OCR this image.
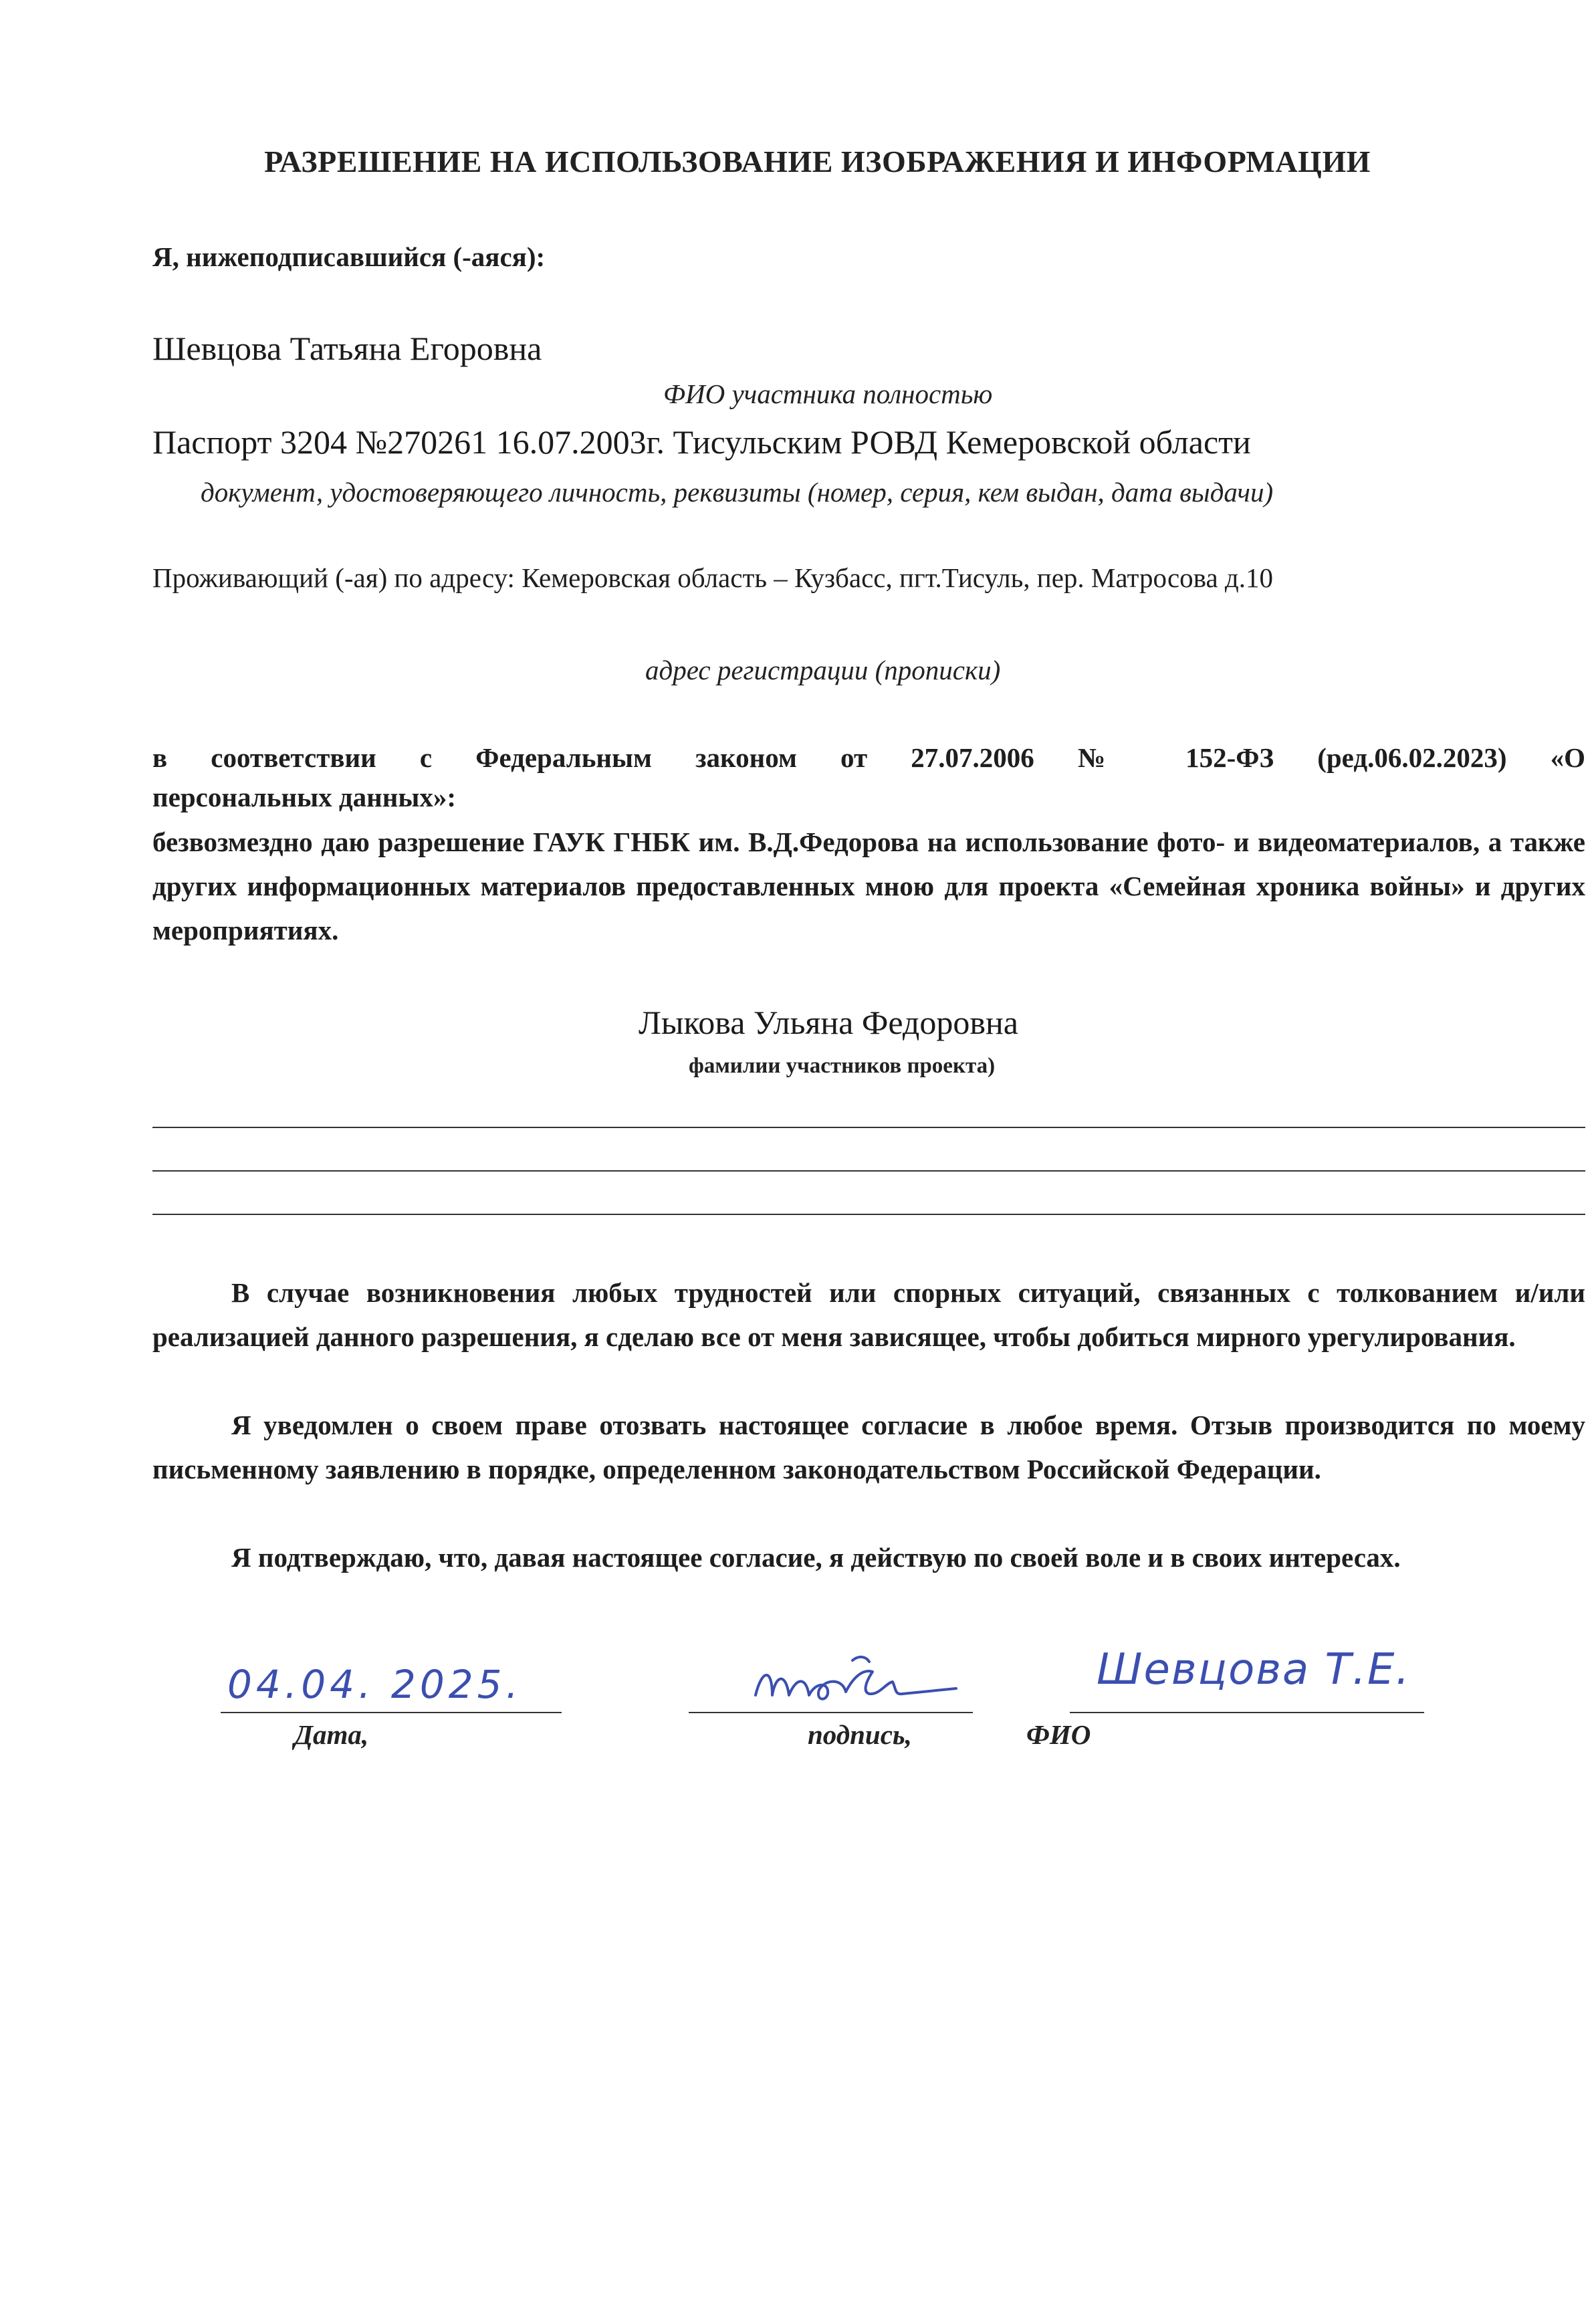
РАЗРЕШЕНИЕ НА ИСПОЛЬЗОВАНИЕ ИЗОБРАЖЕНИЯ И ИНФОРМАЦИИ
Я, нижеподписавшийся (-аяся):
Шевцова Татьяна Егоровна
ФИО участника полностью
Паспорт 3204 №270261 16.07.2003г. Тисульским РОВД Кемеровской области
документ, удостоверяющего личность, реквизиты (номер, серия, кем выдан, дата выдачи)
Проживающий (-ая) по адресу: Кемеровская область – Кузбасс, пгт.Тисуль, пер. Матросова д.10
адрес регистрации (прописки)
в соответствии с Федеральным законом от 27.07.2006 № 152-ФЗ (ред.06.02.2023) «О
персональных данных»:
безвозмездно даю разрешение ГАУК ГНБК им. В.Д.Федорова на использование фото- и видеоматериалов, а также других информационных материалов предоставленных мною для проекта «Семейная хроника войны» и других мероприятиях.
Лыкова Ульяна Федоровна
фамилии участников проекта)
В случае возникновения любых трудностей или спорных ситуаций, связанных с толкованием и/или реализацией данного разрешения, я сделаю все от меня зависящее, чтобы добиться мирного урегулирования.
Я уведомлен о своем праве отозвать настоящее согласие в любое время. Отзыв производится по моему письменному заявлению в порядке, определенном законодательством Российской Федерации.
Я подтверждаю, что, давая настоящее согласие, я действую по своей воле и в своих интересах.
04.04. 2025.
Дата,	подпись,
Шевцова Т.Е.
ФИО
